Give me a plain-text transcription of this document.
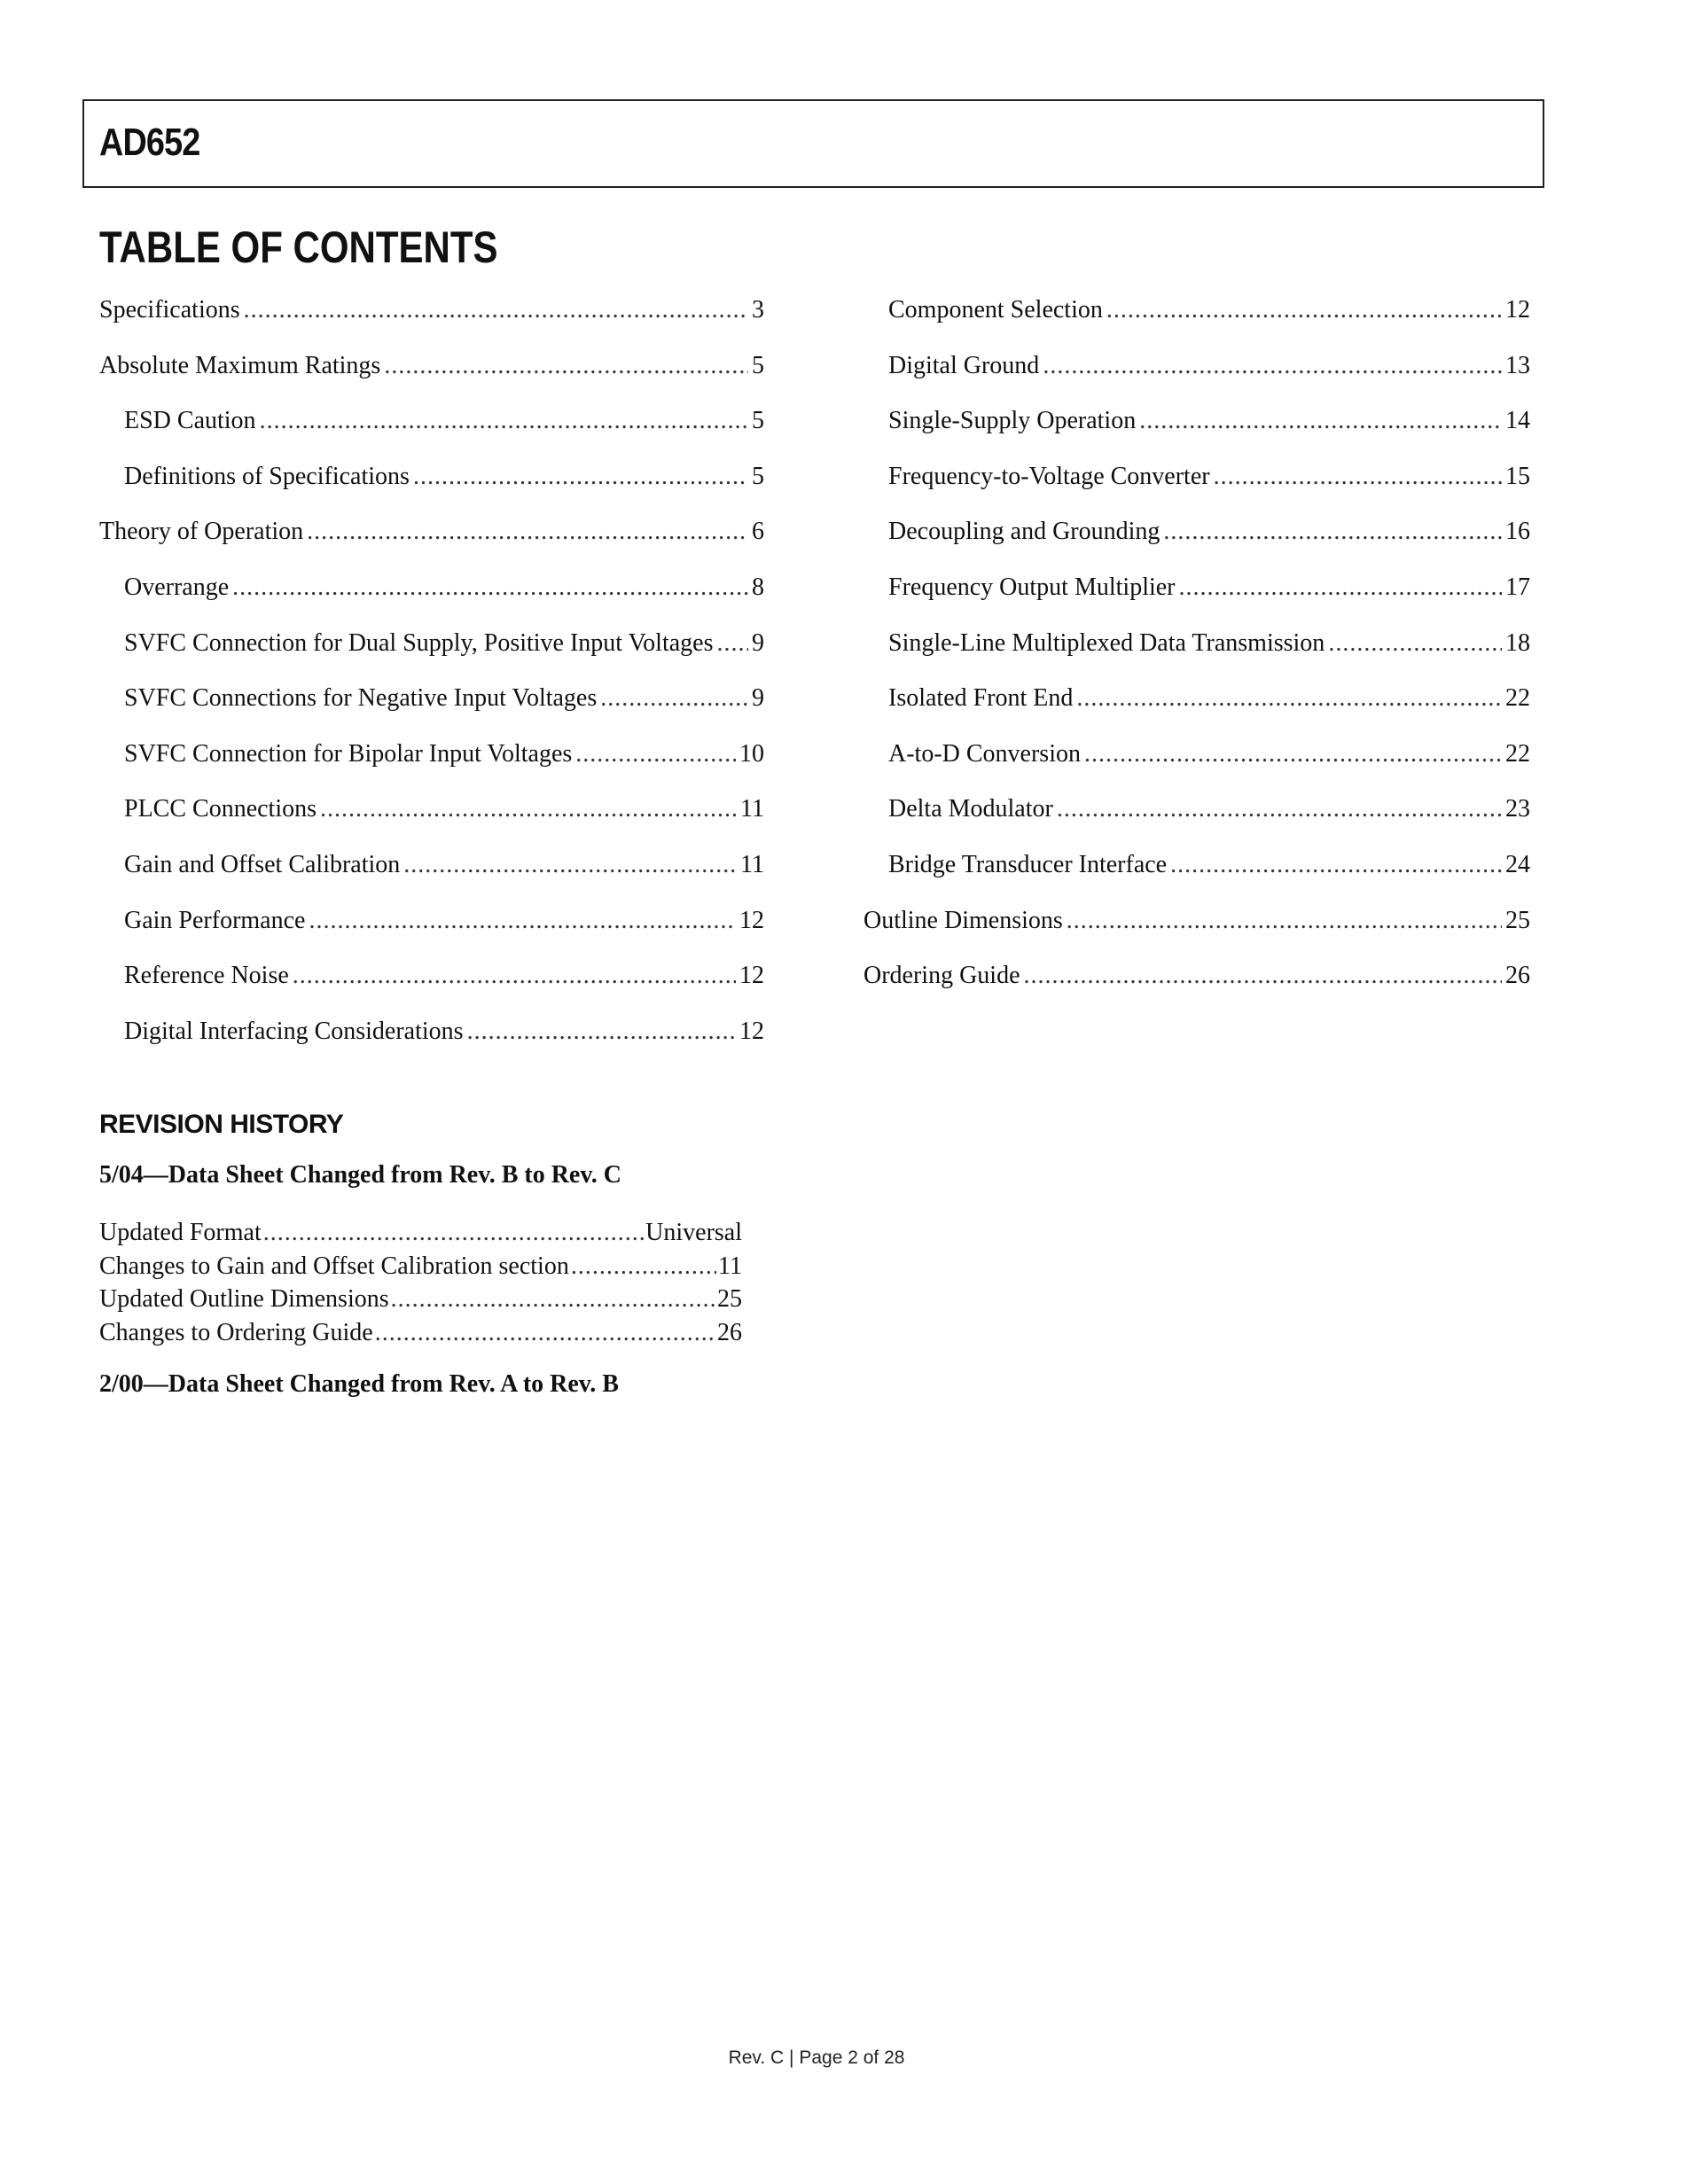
AD652
TABLE OF CONTENTS
Specifications .....	3
Absolute Maximum Ratings .....	5
ESD Caution .....	5
Definitions of Specifications .....	5
Theory of Operation .....	6
Overrange .....	8
SVFC Connection for Dual Supply, Positive Input Voltages ..... 9
SVFC Connections for Negative Input Voltages .....	9
SVFC Connection for Bipolar Input Voltages .....	10
PLCC Connections .....	11
Gain and Offset Calibration .....	11
Gain Performance .....	12
Reference Noise .....	12
Digital Interfacing Considerations .....	12
Component Selection .....	12
Digital Ground .....	13
Single-Supply Operation .....	14
Frequency-to-Voltage Converter .....	15
Decoupling and Grounding .....	16
Frequency Output Multiplier .....	17
Single-Line Multiplexed Data Transmission .....	18
Isolated Front End .....	22
A-to-D Conversion .....	22
Delta Modulator .....	23
Bridge Transducer Interface .....	24
Outline Dimensions .....	25
Ordering Guide .....	26
REVISION HISTORY
5/04—Data Sheet Changed from Rev. B to Rev. C
Updated Format .....	Universal
Changes to Gain and Offset Calibration section .....	11
Updated Outline Dimensions .....	25
Changes to Ordering Guide .....	26
2/00—Data Sheet Changed from Rev. A to Rev. B
Rev. C | Page 2 of 28
